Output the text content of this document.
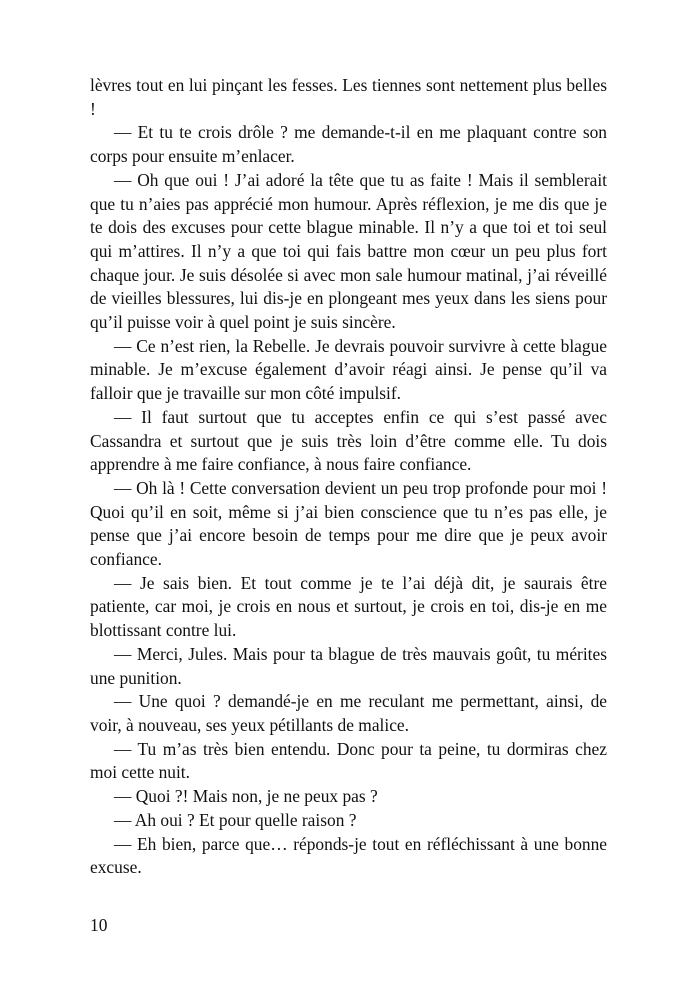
lèvres tout en lui pinçant les fesses. Les tiennes sont nettement plus belles !

— Et tu te crois drôle ? me demande-t-il en me plaquant contre son corps pour ensuite m’enlacer.

— Oh que oui ! J’ai adoré la tête que tu as faite ! Mais il semblerait que tu n’aies pas apprécié mon humour. Après réflexion, je me dis que je te dois des excuses pour cette blague minable. Il n’y a que toi et toi seul qui m’attires. Il n’y a que toi qui fais battre mon cœur un peu plus fort chaque jour. Je suis désolée si avec mon sale humour matinal, j’ai réveillé de vieilles blessures, lui dis-je en plongeant mes yeux dans les siens pour qu’il puisse voir à quel point je suis sincère.

— Ce n’est rien, la Rebelle. Je devrais pouvoir survivre à cette blague minable. Je m’excuse également d’avoir réagi ainsi. Je pense qu’il va falloir que je travaille sur mon côté impulsif.

— Il faut surtout que tu acceptes enfin ce qui s’est passé avec Cassandra et surtout que je suis très loin d’être comme elle. Tu dois apprendre à me faire confiance, à nous faire confiance.

— Oh là ! Cette conversation devient un peu trop profonde pour moi ! Quoi qu’il en soit, même si j’ai bien conscience que tu n’es pas elle, je pense que j’ai encore besoin de temps pour me dire que je peux avoir confiance.

— Je sais bien. Et tout comme je te l’ai déjà dit, je saurais être patiente, car moi, je crois en nous et surtout, je crois en toi, dis-je en me blottissant contre lui.

— Merci, Jules. Mais pour ta blague de très mauvais goût, tu mérites une punition.

— Une quoi ? demandé-je en me reculant me permettant, ainsi, de voir, à nouveau, ses yeux pétillants de malice.

— Tu m’as très bien entendu. Donc pour ta peine, tu dormiras chez moi cette nuit.

— Quoi ?! Mais non, je ne peux pas ?

— Ah oui ? Et pour quelle raison ?

— Eh bien, parce que… réponds-je tout en réfléchissant à une bonne excuse.

10
